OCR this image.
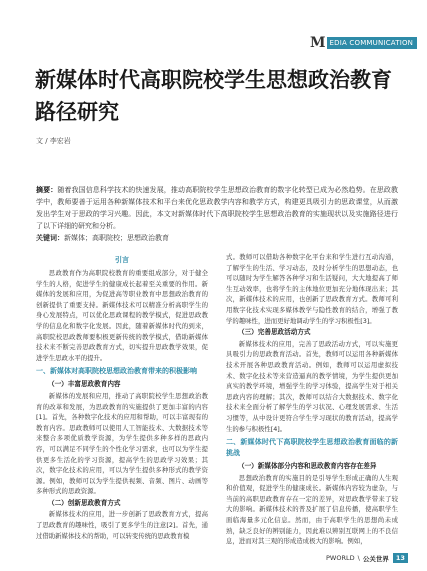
M EDIA COMMUNICATION
新媒体时代高职院校学生思想政治教育路径研究
文 / 李宏岩
摘要：随着我国信息科学技术的快速发展，推动高职院校学生思想政治教育的数字化转型已成为必然趋势。在思政教学中，教师要善于运用各种新媒体技术和平台来优化思政教学内容和教学方式，构建更具吸引力的思政课堂，从而激发出学生对于思政的学习兴趣。因此，本文对新媒体时代下高职院校学生思想政治教育的实施现状以及实施路径进行了以下详细的研究和分析。
关键词：新媒体；高职院校；思想政治教育
引言

思政教育作为高职院校教育的重要组成部分，对于健全学生的人格，促进学生的健康成长起着至关重要的作用。新媒体的发展和应用，为促进高等职业教育中思想政治教育的创新提供了重要支持。新媒体技术可以精准分析高职学生的身心发展特点，可以优化思政课程的教学模式，促进思政教学的信息化和数字化发展。因此，随着新媒体时代的到来，高职院校思政教师要积极更新传统的教学模式，借助新媒体技术来不断完善思政教育方式，切实提升思政教学效果，促进学生思政水平的提升。

一、新媒体对高职院校思想政治教育带来的积极影响
（一）丰富思政教育内容

新媒体的发展和应用，推动了高职院校学生思想政治教育的改革和发展，为思政教育的实施提供了更加丰富的内容[1]。首先，各种数字化技术的应用和帮助，可以丰富现有的教育内容。思政教师可以使用人工智能技术、大数据技术等来整合多项优质教学资源，为学生提供多种多样的思政内容，可以满足不同学生的个性化学习需求，也可以为学生提供更多生活化的学习资源，提高学生的思政学习效果；其次，数字化技术的应用，可以为学生提供多种形式的教学资源。例如，教师可以为学生提供视频、音频、图片、动画等多种形式的思政资源。

（二）创新思政教育方式

新媒体技术的应用，进一步创新了思政教育方式，提高了思政教育的趣味性，吸引了更多学生的注意[2]。首先，通过借助新媒体技术的帮助，可以转变传统的思政教育模

式。教师可以借助各种数字化平台来和学生进行互动沟通，了解学生的生活、学习动态，及时分析学生的思想动态，也可以随时为学生解答各种学习和生活疑问，大大地提高了师生互动效率，也将学生的主体地位更加充分地体现出来；其次，新媒体技术的应用，也创新了思政教育方式。教师可利用数字化技术实现多媒体教学与隐性教育的结合，增强了教学的趣味性，进而更好地调动学生的学习积极性[3]。

（三）完善思政活动方式

新媒体技术的应用，完善了思政活动方式，可以实施更具吸引力的思政教育活动。首先，教师可以运用各种新媒体技术开展各种思政教育活动。例如，教师可以运用虚拟技术、数字化技术等来营造逼真的教学情境，为学生提供更加真实的教学环境，增强学生的学习体验，提高学生对于相关思政内容的理解；其次，教师可以结合大数据技术、数字化技术来全面分析了解学生的学习状况、心理发展需求、生活习惯等，从中设计更符合学生学习现状的教育活动，提高学生的参与积极性[4]。

二、新媒体时代下高职院校学生思想政治教育面临的新挑战
（一）新媒体部分内容和思政教育内容存在差异

思想政治教育的实施目的是引导学生形成正确的人生观和价值观，促进学生的健康成长。新媒体内容较为虚杂，与当前的高职思政教育存在一定的差异，对思政教学带来了较大的影响。新媒体技术的普及扩展了信息传播，使高职学生面临海量多元化信息。然而，由于高职学生的思想尚未成熟，缺乏良好的辨别能力，因此难以辨别互联网上的不良信息，进而对其三观的形成造成极大的影响。例如，

PWORLD \ 公关世界	13
